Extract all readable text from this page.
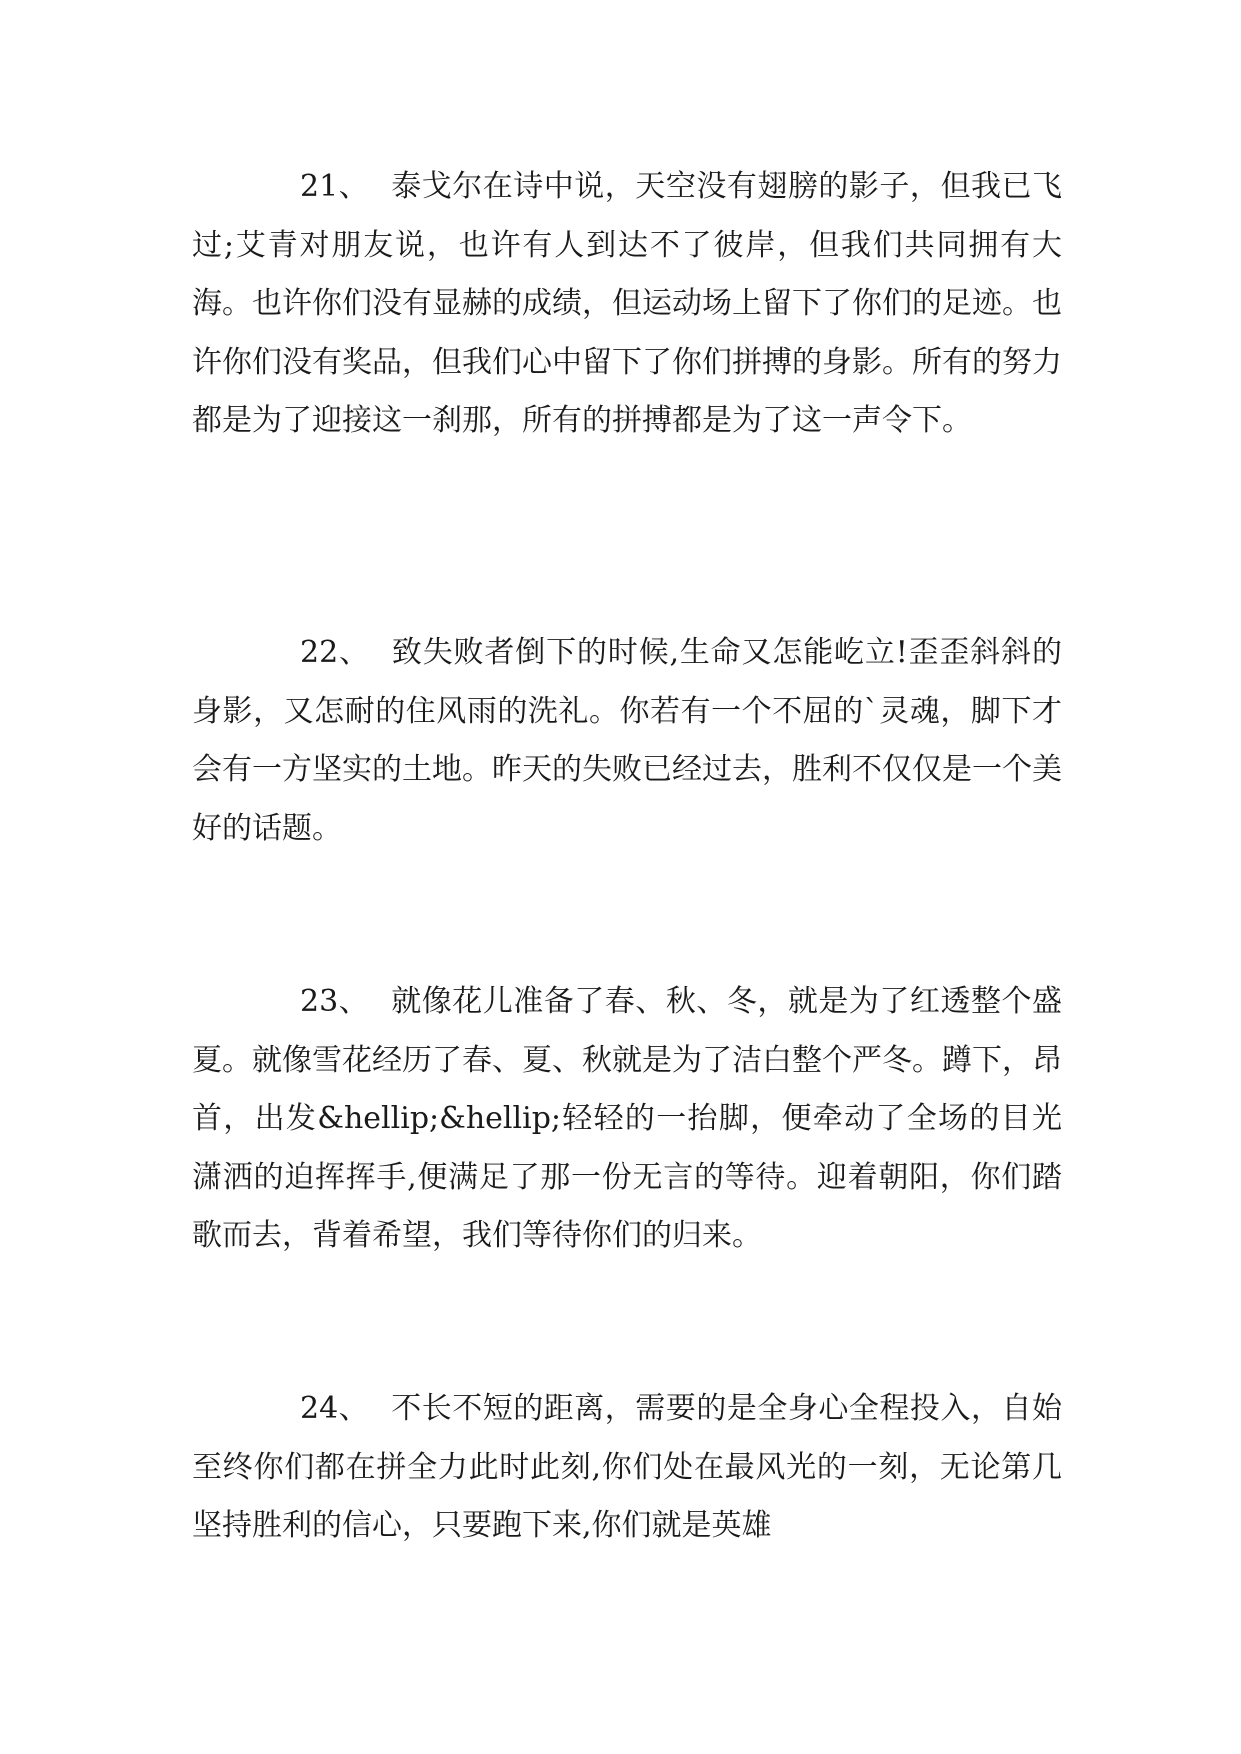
21、 泰戈尔在诗中说，天空没有翅膀的影子，但我已飞过;艾青对朋友说，也许有人到达不了彼岸，但我们共同拥有大海。也许你们没有显赫的成绩，但运动场上留下了你们的足迹。也许你们没有奖品，但我们心中留下了你们拼搏的身影。所有的努力都是为了迎接这一刹那，所有的拼搏都是为了这一声令下。

22、 致失败者倒下的时候,生命又怎能屹立!歪歪斜斜的身影，又怎耐的住风雨的洗礼。你若有一个不屈的`灵魂，脚下才会有一方坚实的土地。昨天的失败已经过去，胜利不仅仅是一个美好的话题。

23、 就像花儿准备了春、秋、冬，就是为了红透整个盛夏。就像雪花经历了春、夏、秋就是为了洁白整个严冬。蹲下，昂首，出发&hellip;&hellip;轻轻的一抬脚，便牵动了全场的目光潇洒的迫挥挥手,便满足了那一份无言的等待。迎着朝阳，你们踏歌而去，背着希望，我们等待你们的归来。

24、 不长不短的距离，需要的是全身心全程投入，自始至终你们都在拼全力此时此刻,你们处在最风光的一刻，无论第几坚持胜利的信心，只要跑下来,你们就是英雄
